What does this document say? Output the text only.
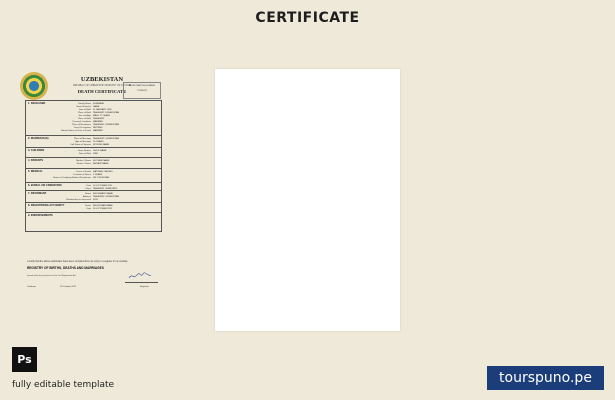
CERTIFICATE
UZBEKISTAN
REPUBLIC OF UZBEKISTAN MINISTRY OF JUSTICE
DEATH CERTIFICATE
REGISTRATION NUMBER
12345678
1. DECEASED	Family Name SURNAME
Given Name(s) NAME
Date of Birth 01 JANUARY 1950
Place of Birth TASHKENT, UZBEKISTAN
Sex and Age MALE 71 YEARS
Place of Birth TASHKENT
Personal Condition MARRIED
Place of Residence TASHKENT, UZBEKISTAN
Usual Occupation RETIRED
Marital Status at Date of Death MARRIED
2. MARRIAGE(S)	Place of Marriage TASHKENT, UZBEKISTAN
Age at Marriage 25 YEARS
Full Name of Spouse SPOUSE NAME
3. CHILDREN	Given Names CHILD NAME
Date of Birth 1980
4. PARENTS	Mother's Name MOTHER NAME
Father's Name FATHER NAME
5. MEDICAL	Cause of Death NATURAL CAUSES
Duration of Illness 2 YEARS
Name of Certifying Medical Practitioner DR. PHYSICIAN
6. BURIAL OR CREMATION	Date 10 OCTOBER 2021
Place TASHKENT CEMETERY
7. INFORMANT	Name INFORMANT NAME
Address TASHKENT, UZBEKISTAN
Relationship to deceased SON
8. REGISTERING AUTHORITY	Name REGISTRAR NAME
Date 20 OCTOBER 2021
9. ENDORSEMENTS
I certify that the above particulars have been compiled from an entry in a register in my custody.
REGISTRY OF BIRTHS, DEATHS AND MARRIAGES
Issued under the provisions of the Civil Registration Act.
Tashkent	20 October 2021	Registrar
Ps
fully editable template	tourspuno.pe
